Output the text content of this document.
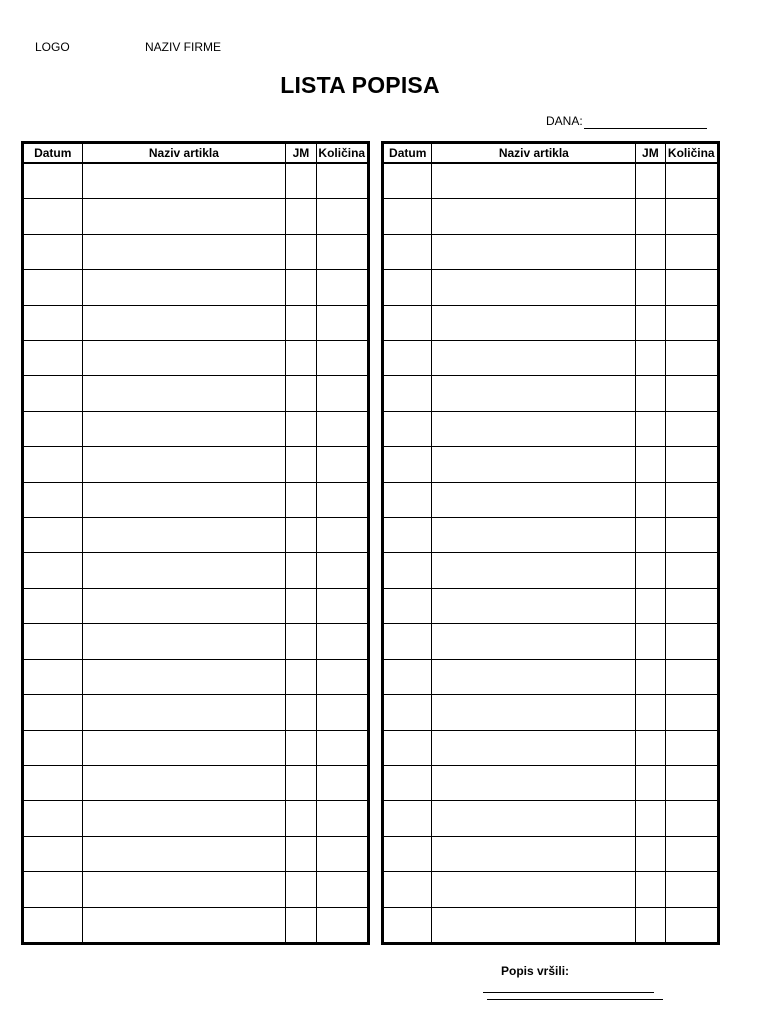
LOGO	NAZIV FIRME
LISTA POPISA
DANA:
Datum	Naziv artikla	JM	Količina

			Datum	Naziv artikla	JM	Količina

Popis vršili:
